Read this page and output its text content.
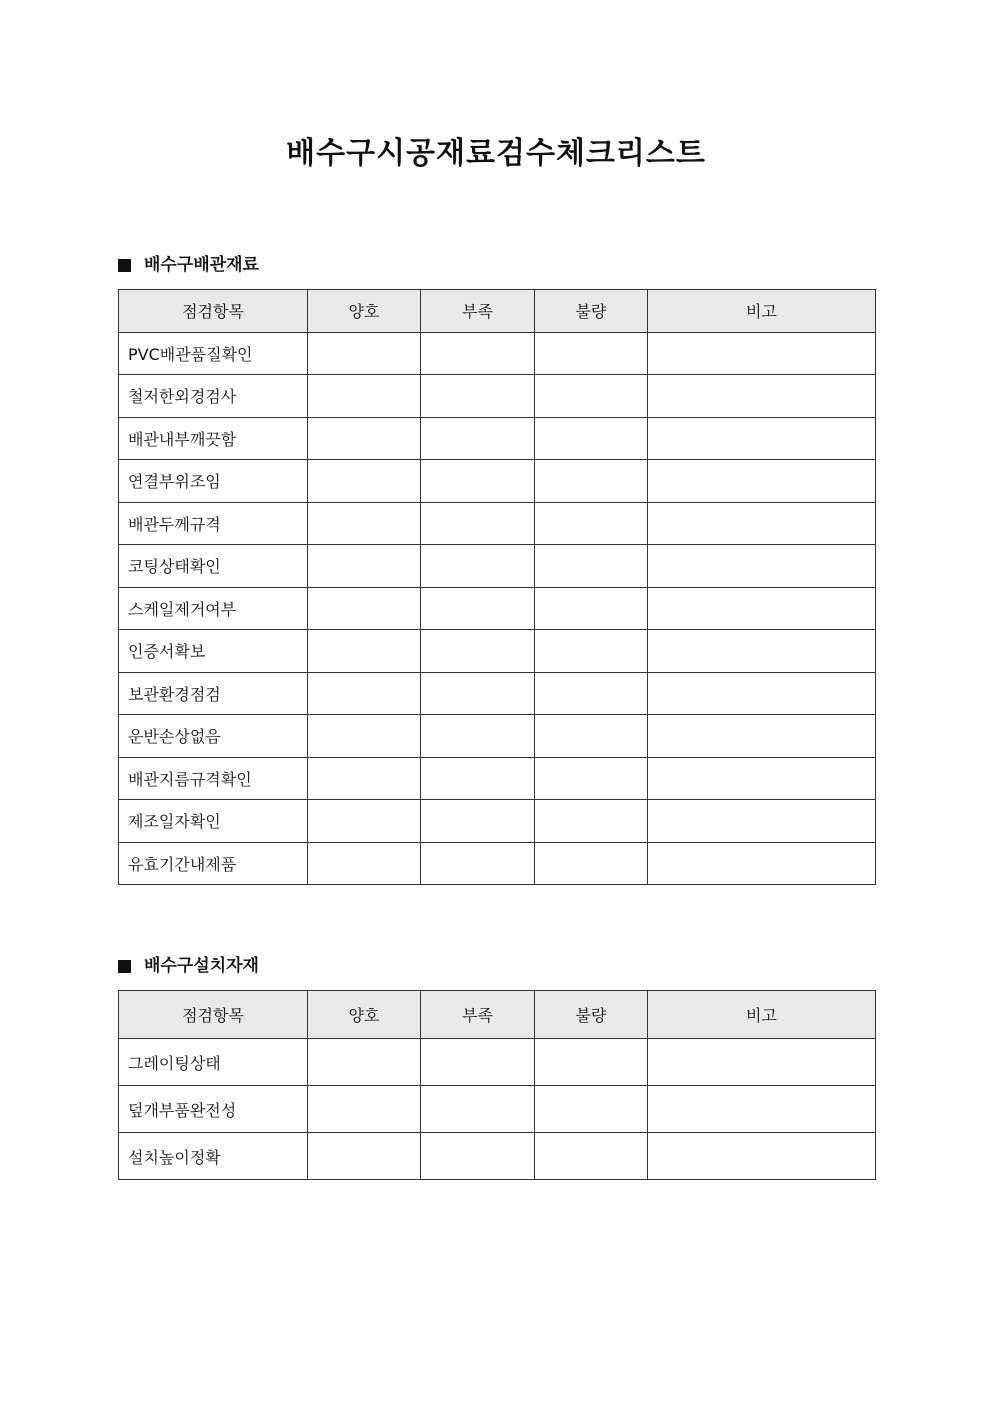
배수구시공재료검수체크리스트
배수구배관재료
점검항목	양호	부족	불량	비고
PVC배관품질확인				
철저한외경검사				
배관내부깨끗함				
연결부위조임				
배관두께규격				
코팅상태확인				
스케일제거여부				
인증서확보				
보관환경점검				
운반손상없음				
배관지름규격확인				
제조일자확인				
유효기간내제품				
배수구설치자재
점검항목	양호	부족	불량	비고
그레이팅상태				
덮개부품완전성				
설치높이정확				
